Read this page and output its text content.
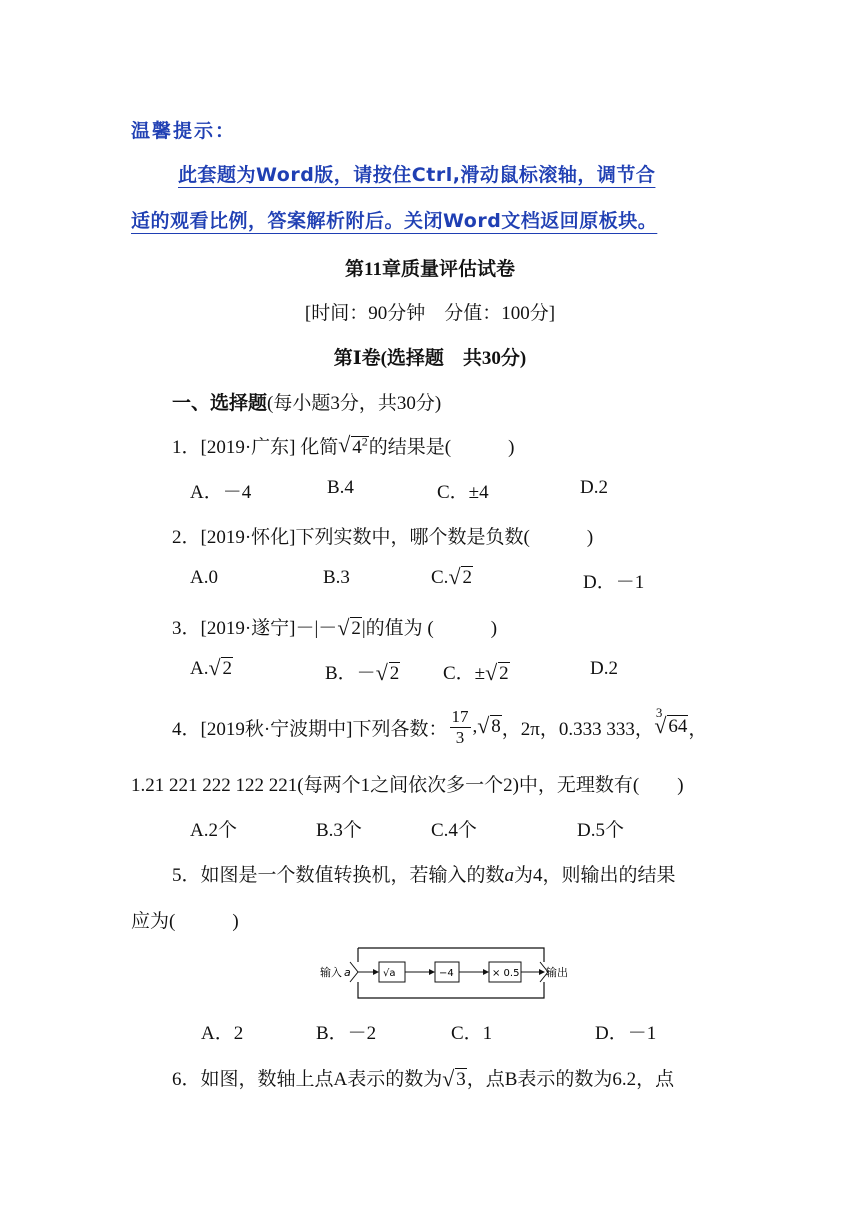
温馨提示：
此套题为Word版，请按住Ctrl,滑动鼠标滚轴，调节合
适的观看比例，答案解析附后。关闭Word文档返回原板块。
第11章质量评估试卷
[时间：90分钟　分值：100分]
第Ⅰ卷(选择题　共30分)
一、选择题(每小题3分，共30分)
1．[2019·广东] 化简 √ $4^2$的结果是(　　　)
A．－4	B.4	C．±4	D.2
2．[2019·怀化]下列实数中，哪个数是负数(　　　)
A.0	B.3	C. √ 2	D．－1
3．[2019·遂宁]－|－ √ 2|的值为 (　　　)
A. √ 2	B．－ √ 2 C．± √ 2	D.2
4． [2019秋·宁波期中]下列各数： $\frac{17}{3}$ , √ 8 ，2π，0.333 333，
3
√ 64 ，
1.21 221 222 122 221(每两个1之间依次多一个2)中，无理数有(　　)
A.2个	B.3个	C.4个	D.5个
5．如图是一个数值转换机，若输入的数a为4，则输出的结果
应为(　　　)
输入 a	√a	−4	× 0.5 输出
A．2	B．－2	C．1	D．－1
6．如图，数轴上点A表示的数为 √ 3，点B表示的数为6.2，点
